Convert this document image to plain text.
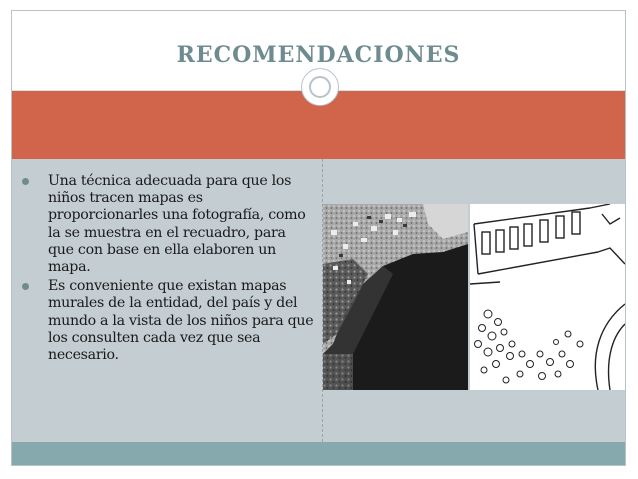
RECOMENDACIONES
Una técnica adecuada para que los niños tracen mapas es proporcionarles una fotografía, como la se muestra en el recuadro, para que con base en ella elaboren un mapa.
Es conveniente que existan mapas murales de la entidad, del país y del mundo a la vista de los niños para que los consulten cada vez que sea necesario.
